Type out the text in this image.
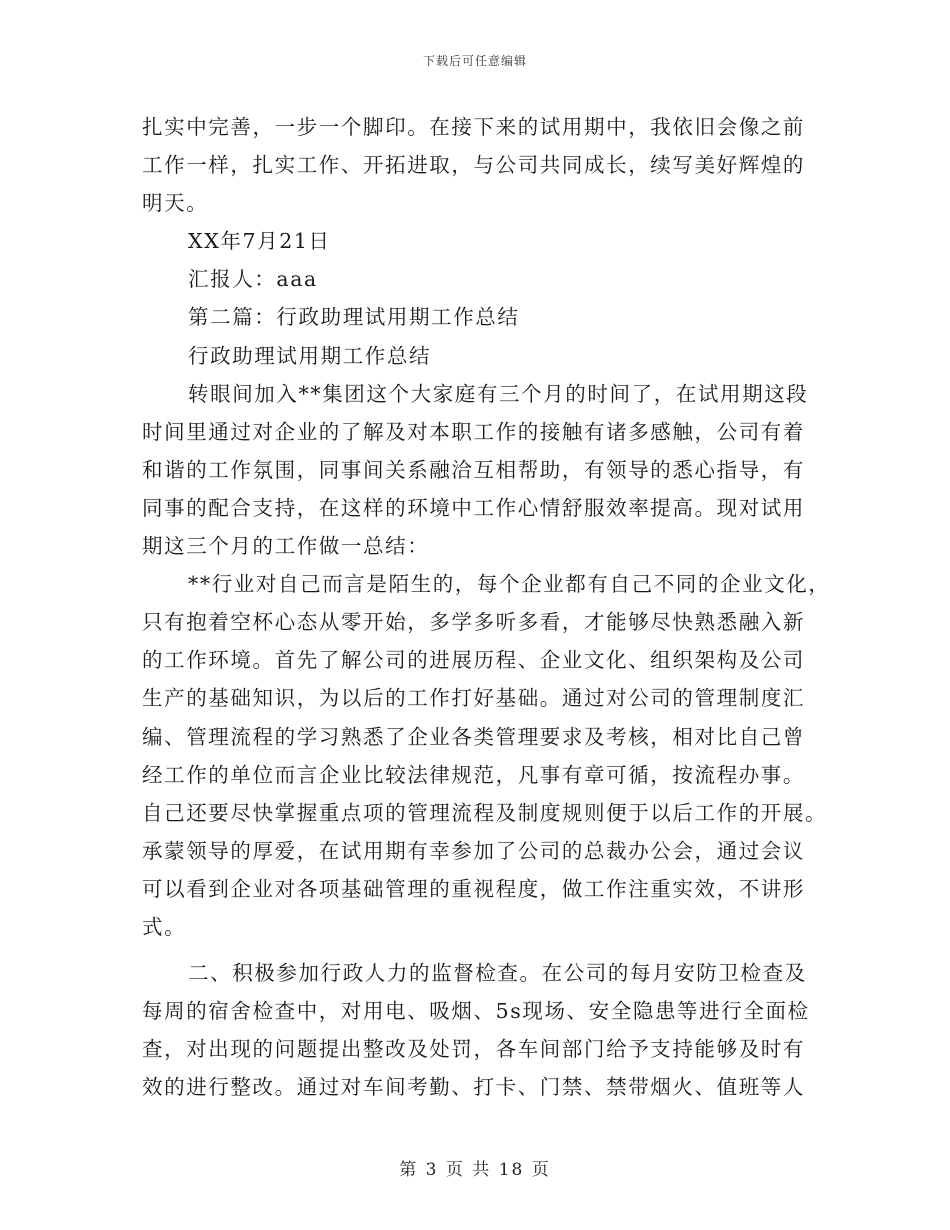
下载后可任意编辑

扎实中完善，一步一个脚印。在接下来的试用期中，我依旧会像之前

工作一样，扎实工作、开拓进取，与公司共同成长，续写美好辉煌的

明天。

XX年7月21日

汇报人：aaa

第二篇：行政助理试用期工作总结

行政助理试用期工作总结

转眼间加入**集团这个大家庭有三个月的时间了，在试用期这段

时间里通过对企业的了解及对本职工作的接触有诸多感触，公司有着

和谐的工作氛围，同事间关系融洽互相帮助，有领导的悉心指导，有

同事的配合支持，在这样的环境中工作心情舒服效率提高。现对试用

期这三个月的工作做一总结：

**行业对自己而言是陌生的，每个企业都有自己不同的企业文化，

只有抱着空杯心态从零开始，多学多听多看，才能够尽快熟悉融入新

的工作环境。首先了解公司的进展历程、企业文化、组织架构及公司

生产的基础知识，为以后的工作打好基础。通过对公司的管理制度汇

编、管理流程的学习熟悉了企业各类管理要求及考核，相对比自己曾

经工作的单位而言企业比较法律规范，凡事有章可循，按流程办事。

自己还要尽快掌握重点项的管理流程及制度规则便于以后工作的开展。

承蒙领导的厚爱，在试用期有幸参加了公司的总裁办公会，通过会议

可以看到企业对各项基础管理的重视程度，做工作注重实效，不讲形

式。

二、积极参加行政人力的监督检查。在公司的每月安防卫检查及

每周的宿舍检查中，对用电、吸烟、5s现场、安全隐患等进行全面检

查，对出现的问题提出整改及处罚，各车间部门给予支持能够及时有

效的进行整改。通过对车间考勤、打卡、门禁、禁带烟火、值班等人

第 3 页 共 18 页
